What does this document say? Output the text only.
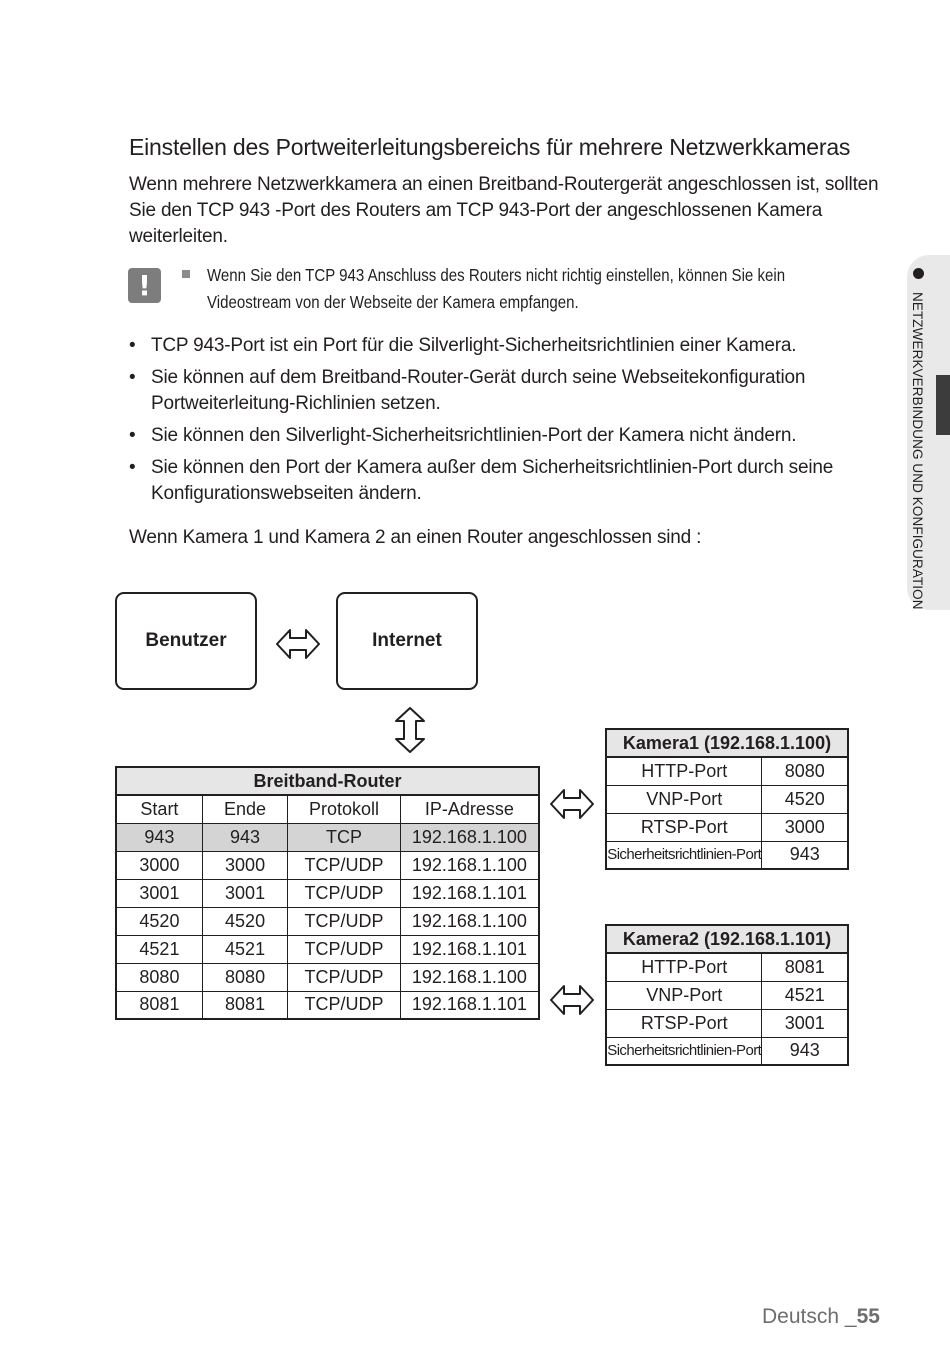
Einstellen des Portweiterleitungsbereichs für mehrere Netzwerkkameras

Wenn mehrere Netzwerkkamera an einen Breitband-Routergerät angeschlossen ist, sollten Sie den TCP 943 -Port des Routers am TCP 943-Port der angeschlossenen Kamera weiterleiten.

!	Wenn Sie den TCP 943 Anschluss des Routers nicht richtig einstellen, können Sie kein Videostream von der Webseite der Kamera empfangen.

• TCP 943-Port ist ein Port für die Silverlight-Sicherheitsrichtlinien einer Kamera.
• Sie können auf dem Breitband-Router-Gerät durch seine Webseitekonfiguration Portweiterleitung-Richlinien setzen.
• Sie können den Silverlight-Sicherheitsrichtlinien-Port der Kamera nicht ändern.
• Sie können den Port der Kamera außer dem Sicherheitsrichtlinien-Port durch seine Konfigurationswebseiten ändern.

Wenn Kamera 1 und Kamera 2 an einen Router angeschlossen sind :

Benutzer	Internet
Breitband-Router			
Start	Ende	Protokoll	IP-Adresse
943	943	TCP	192.168.1.100
3000	3000	TCP/UDP	192.168.1.100
3001	3001	TCP/UDP	192.168.1.101
4520	4520	TCP/UDP	192.168.1.100
4521	4521	TCP/UDP	192.168.1.101
8080	8080	TCP/UDP	192.168.1.100
8081	8081	TCP/UDP	192.168.1.101
Kamera1 (192.168.1.100)	
HTTP-Port	8080
VNP-Port	4520
RTSP-Port	3000
Sicherheitsrichtlinien-Port	943
Kamera2 (192.168.1.101)	
HTTP-Port	8081
VNP-Port	4521
RTSP-Port	3001
Sicherheitsrichtlinien-Port	943
NETZWERKVERBINDUNG UND KONFIGURATION
Deutsch _55
